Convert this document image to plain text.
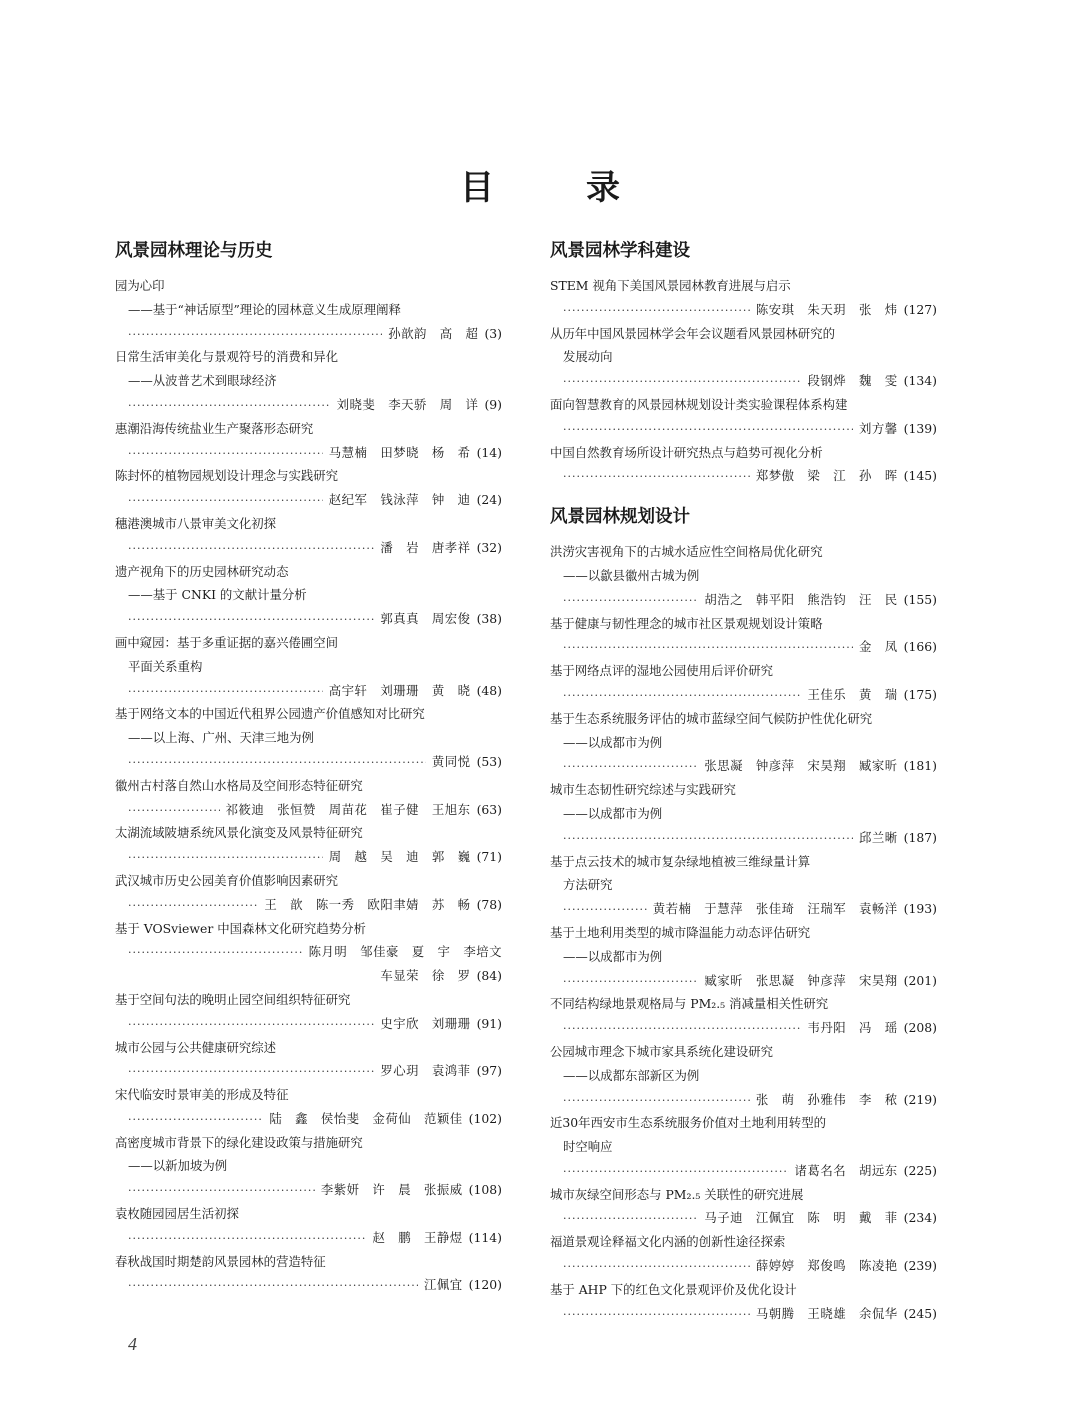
目	录
风景园林理论与历史
园为心印
——基于“神话原型”理论的园林意义生成原理阐释
·····
孙歆韵　高　超 (3)
日常生活审美化与景观符号的消费和异化
——从波普艺术到眼球经济
·····
刘晓斐　李天骄　周　详 (9)
惠潮沿海传统盐业生产聚落形态研究
·····
马慧楠　田梦晓　杨　希 (14)
陈封怀的植物园规划设计理念与实践研究
·····
赵纪军　钱泳萍　钟　迪 (24)
穗港澳城市八景审美文化初探
·····
潘　岩　唐孝祥 (32)
遗产视角下的历史园林研究动态
——基于 CNKI 的文献计量分析
·····
郭真真　周宏俊 (38)
画中窥园：基于多重证据的嘉兴倦圃空间
平面关系重构
·····
高宇轩　刘珊珊　黄　晓 (48)
基于网络文本的中国近代租界公园遗产价值感知对比研究
——以上海、广州、天津三地为例
·····
黄同悦 (53)
徽州古村落自然山水格局及空间形态特征研究
·····
祁筱迪　张恒赞　周苗花　崔子健　王旭东 (63)
太湖流域陂塘系统风景化演变及风景特征研究
·····
周　越　吴　迪　郭　巍 (71)
武汉城市历史公园美育价值影响因素研究
·····
王　歆　陈一秀　欧阳聿婧　苏　畅 (78)
基于 VOSviewer 中国森林文化研究趋势分析
·····
陈月明　邹佳豪　夏　宇　李培文
车显荣　徐　罗 (84)
基于空间句法的晚明止园空间组织特征研究
·····
史宇欣　刘珊珊 (91)
城市公园与公共健康研究综述
·····
罗心玥　袁鸿菲 (97)
宋代临安时景审美的形成及特征
·····
陆　鑫　侯怡斐　金荷仙　范颖佳 (102)
高密度城市背景下的绿化建设政策与措施研究
——以新加坡为例
·····
李紫妍　许　晨　张振威 (108)
袁枚随园园居生活初探
·····
赵　鹏　王静煜 (114)
春秋战国时期楚韵风景园林的营造特征
·····
江佩宜 (120)
风景园林学科建设
STEM 视角下美国风景园林教育进展与启示
·····
陈安琪　朱天玥　张　炜 (127)
从历年中国风景园林学会年会议题看风景园林研究的
发展动向
·····
段钢烨　魏　雯 (134)
面向智慧教育的风景园林规划设计类实验课程体系构建
·····
刘方馨 (139)
中国自然教育场所设计研究热点与趋势可视化分析
·····
郑梦傲　梁　江　孙　晖 (145)
风景园林规划设计
洪涝灾害视角下的古城水适应性空间格局优化研究
——以歙县徽州古城为例
·····
胡浩之　韩平阳　熊浩钧　汪　民 (155)
基于健康与韧性理念的城市社区景观规划设计策略
·····
金　凤 (166)
基于网络点评的湿地公园使用后评价研究
·····
王佳乐　黄　瑞 (175)
基于生态系统服务评估的城市蓝绿空间气候防护性优化研究
——以成都市为例
·····
张思凝　钟彦萍　宋昊翔　臧家昕 (181)
城市生态韧性研究综述与实践研究
——以成都市为例
·····
邱兰晰 (187)
基于点云技术的城市复杂绿地植被三维绿量计算
方法研究
·····
黄若楠　于慧萍　张佳琦　汪瑞军　袁畅洋 (193)
基于土地利用类型的城市降温能力动态评估研究
——以成都市为例
·····
臧家昕　张思凝　钟彦萍　宋昊翔 (201)
不同结构绿地景观格局与 PM₂.₅ 消减量相关性研究
·····
韦丹阳　冯　瑶 (208)
公园城市理念下城市家具系统化建设研究
——以成都东部新区为例
·····
张　萌　孙雅伟　李　秾 (219)
近30年西安市生态系统服务价值对土地利用转型的
时空响应
·····
诸葛名名　胡远东 (225)
城市灰绿空间形态与 PM₂.₅ 关联性的研究进展
·····
马子迪　江佩宜　陈　明　戴　菲 (234)
福道景观诠释福文化内涵的创新性途径探索
·····
薛婷婷　郑俊鸣　陈凌艳 (239)
基于 AHP 下的红色文化景观评价及优化设计
·····
马朝腾　王晓雄　余侃华 (245)
4
